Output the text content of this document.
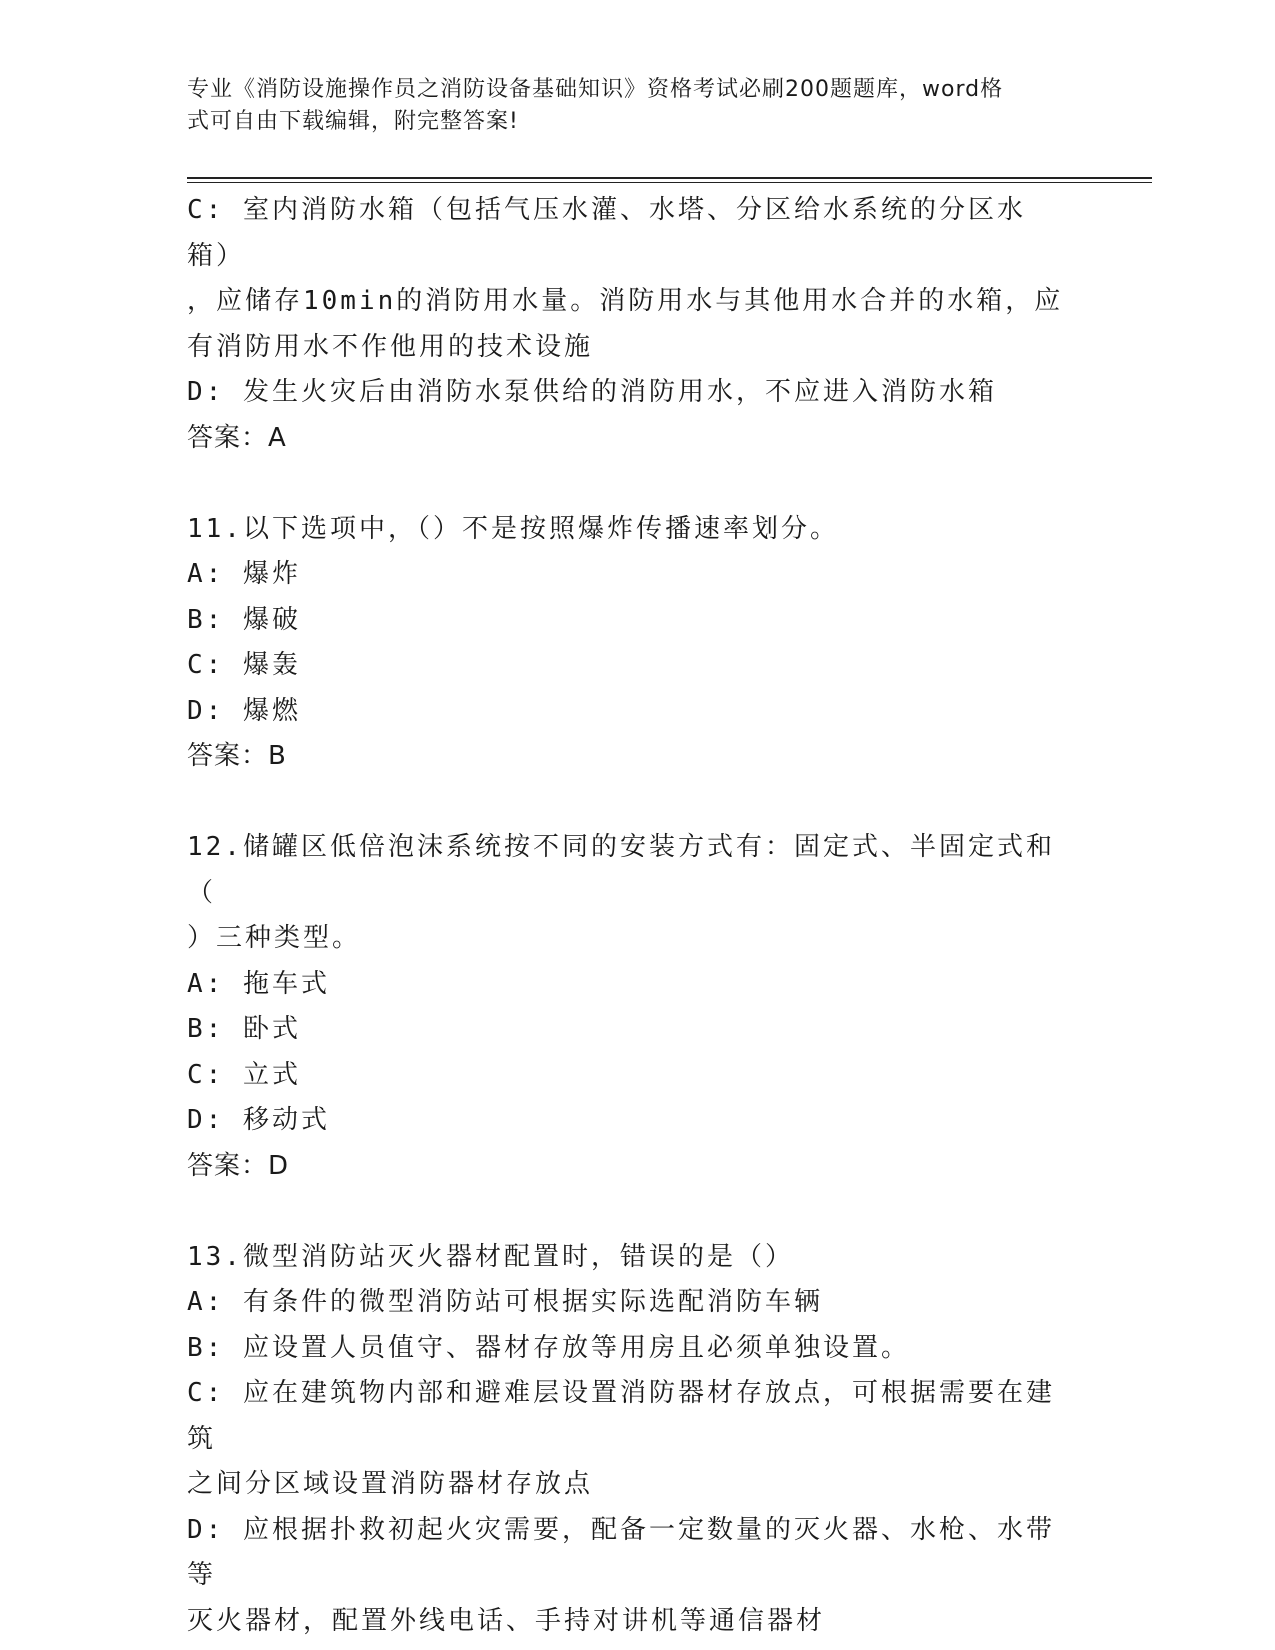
专业《消防设施操作员之消防设备基础知识》资格考试必刷200题题库，word格
式可自由下载编辑，附完整答案!
C: 室内消防水箱（包括气压水灌、水塔、分区给水系统的分区水箱）
，应储存10min的消防用水量。消防用水与其他用水合并的水箱，应
有消防用水不作他用的技术设施
D: 发生火灾后由消防水泵供给的消防用水，不应进入消防水箱
答案：A
11.以下选项中，（）不是按照爆炸传播速率划分。
A: 爆炸
B: 爆破
C: 爆轰
D: 爆燃
答案：B
12.储罐区低倍泡沫系统按不同的安装方式有：固定式、半固定式和（
）三种类型。
A: 拖车式
B: 卧式
C: 立式
D: 移动式
答案：D
13.微型消防站灭火器材配置时，错误的是（）
A: 有条件的微型消防站可根据实际选配消防车辆
B: 应设置人员值守、器材存放等用房且必须单独设置。
C: 应在建筑物内部和避难层设置消防器材存放点，可根据需要在建筑
之间分区域设置消防器材存放点
D: 应根据扑救初起火灾需要，配备一定数量的灭火器、水枪、水带等
灭火器材，配置外线电话、手持对讲机等通信器材
